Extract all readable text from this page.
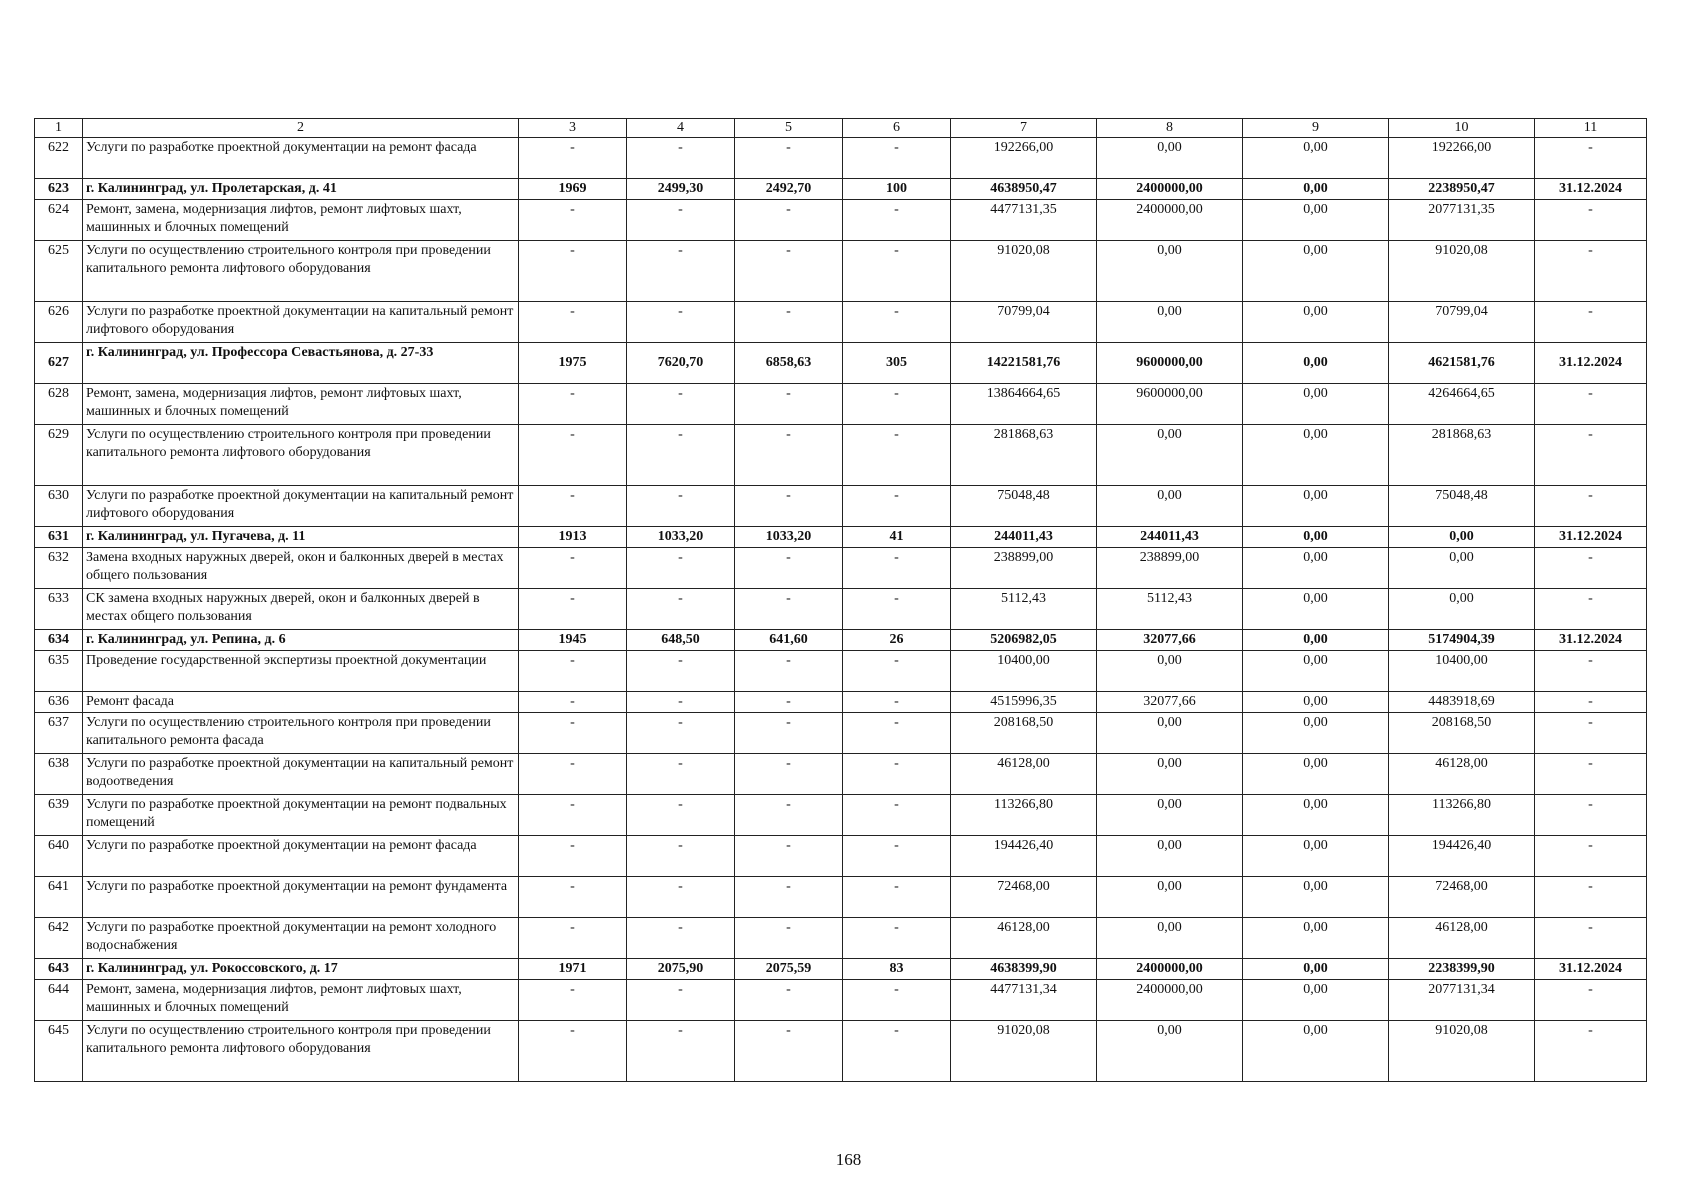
1	2	3	4	5	6	7	8	9	10	11
622	Услуги по разработке проектной документации на ремонт фасада	-	-	-	-	192266,00	0,00	0,00	192266,00	-
623	г. Калининград, ул. Пролетарская, д. 41	1969	2499,30	2492,70	100	4638950,47	2400000,00	0,00	2238950,47	31.12.2024
624	Ремонт, замена, модернизация лифтов, ремонт лифтовых шахт, машинных и блочных помещений	-	-	-	-	4477131,35	2400000,00	0,00	2077131,35	-
625	Услуги по осуществлению строительного контроля при проведении капитального ремонта лифтового оборудования	-	-	-	-	91020,08	0,00	0,00	91020,08	-
626	Услуги по разработке проектной документации на капитальный ремонт лифтового оборудования	-	-	-	-	70799,04	0,00	0,00	70799,04	-
627	г. Калининград, ул. Профессора Севастьянова, д. 27-33	1975	7620,70	6858,63	305	14221581,76	9600000,00	0,00	4621581,76	31.12.2024
628	Ремонт, замена, модернизация лифтов, ремонт лифтовых шахт, машинных и блочных помещений	-	-	-	-	13864664,65	9600000,00	0,00	4264664,65	-
629	Услуги по осуществлению строительного контроля при проведении капитального ремонта лифтового оборудования	-	-	-	-	281868,63	0,00	0,00	281868,63	-
630	Услуги по разработке проектной документации на капитальный ремонт лифтового оборудования	-	-	-	-	75048,48	0,00	0,00	75048,48	-
631	г. Калининград, ул. Пугачева, д. 11	1913	1033,20	1033,20	41	244011,43	244011,43	0,00	0,00	31.12.2024
632	Замена входных наружных дверей, окон и балконных дверей в местах общего пользования	-	-	-	-	238899,00	238899,00	0,00	0,00	-
633	СК замена входных наружных дверей, окон и балконных дверей в местах общего пользования	-	-	-	-	5112,43	5112,43	0,00	0,00	-
634	г. Калининград, ул. Репина, д. 6	1945	648,50	641,60	26	5206982,05	32077,66	0,00	5174904,39	31.12.2024
635	Проведение государственной экспертизы проектной документации	-	-	-	-	10400,00	0,00	0,00	10400,00	-
636	Ремонт фасада	-	-	-	-	4515996,35	32077,66	0,00	4483918,69	-
637	Услуги по осуществлению строительного контроля при проведении капитального ремонта фасада	-	-	-	-	208168,50	0,00	0,00	208168,50	-
638	Услуги по разработке проектной документации на капитальный ремонт водоотведения	-	-	-	-	46128,00	0,00	0,00	46128,00	-
639	Услуги по разработке проектной документации на ремонт подвальных помещений	-	-	-	-	113266,80	0,00	0,00	113266,80	-
640	Услуги по разработке проектной документации на ремонт фасада	-	-	-	-	194426,40	0,00	0,00	194426,40	-
641	Услуги по разработке проектной документации на ремонт фундамента	-	-	-	-	72468,00	0,00	0,00	72468,00	-
642	Услуги по разработке проектной документации на ремонт холодного водоснабжения	-	-	-	-	46128,00	0,00	0,00	46128,00	-
643	г. Калининград, ул. Рокоссовского, д. 17	1971	2075,90	2075,59	83	4638399,90	2400000,00	0,00	2238399,90	31.12.2024
644	Ремонт, замена, модернизация лифтов, ремонт лифтовых шахт, машинных и блочных помещений	-	-	-	-	4477131,34	2400000,00	0,00	2077131,34	-
645	Услуги по осуществлению строительного контроля при проведении капитального ремонта лифтового оборудования	-	-	-	-	91020,08	0,00	0,00	91020,08	-
168
